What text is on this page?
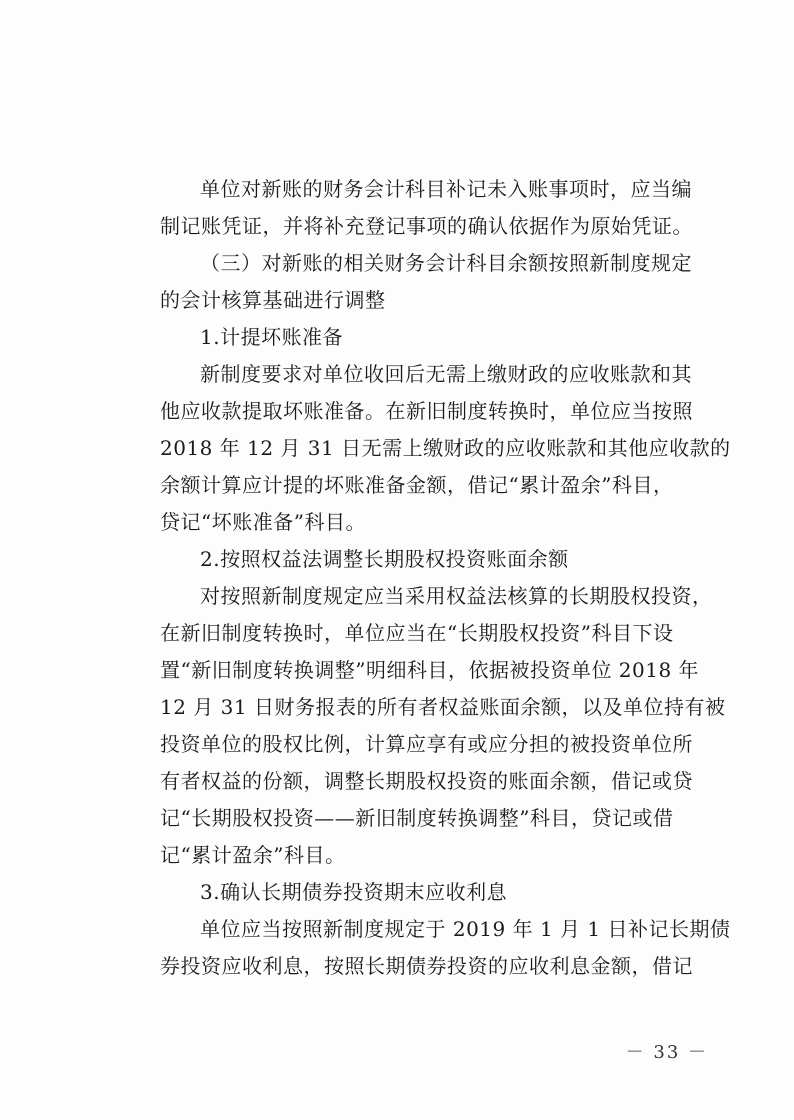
单位对新账的财务会计科目补记未入账事项时，应当编
制记账凭证，并将补充登记事项的确认依据作为原始凭证。
（三）对新账的相关财务会计科目余额按照新制度规定
的会计核算基础进行调整
1.计提坏账准备
新制度要求对单位收回后无需上缴财政的应收账款和其
他应收款提取坏账准备。在新旧制度转换时，单位应当按照
2018 年 12 月 31 日无需上缴财政的应收账款和其他应收款的
余额计算应计提的坏账准备金额，借记“累计盈余”科目，
贷记“坏账准备”科目。
2.按照权益法调整长期股权投资账面余额
对按照新制度规定应当采用权益法核算的长期股权投资，
在新旧制度转换时，单位应当在“长期股权投资”科目下设
置“新旧制度转换调整”明细科目，依据被投资单位 2018 年
12 月 31 日财务报表的所有者权益账面余额，以及单位持有被
投资单位的股权比例，计算应享有或应分担的被投资单位所
有者权益的份额，调整长期股权投资的账面余额，借记或贷
记“长期股权投资——新旧制度转换调整”科目，贷记或借
记“累计盈余”科目。
3.确认长期债券投资期末应收利息
单位应当按照新制度规定于 2019 年 1 月 1 日补记长期债
券投资应收利息，按照长期债券投资的应收利息金额，借记
－ 33 －
